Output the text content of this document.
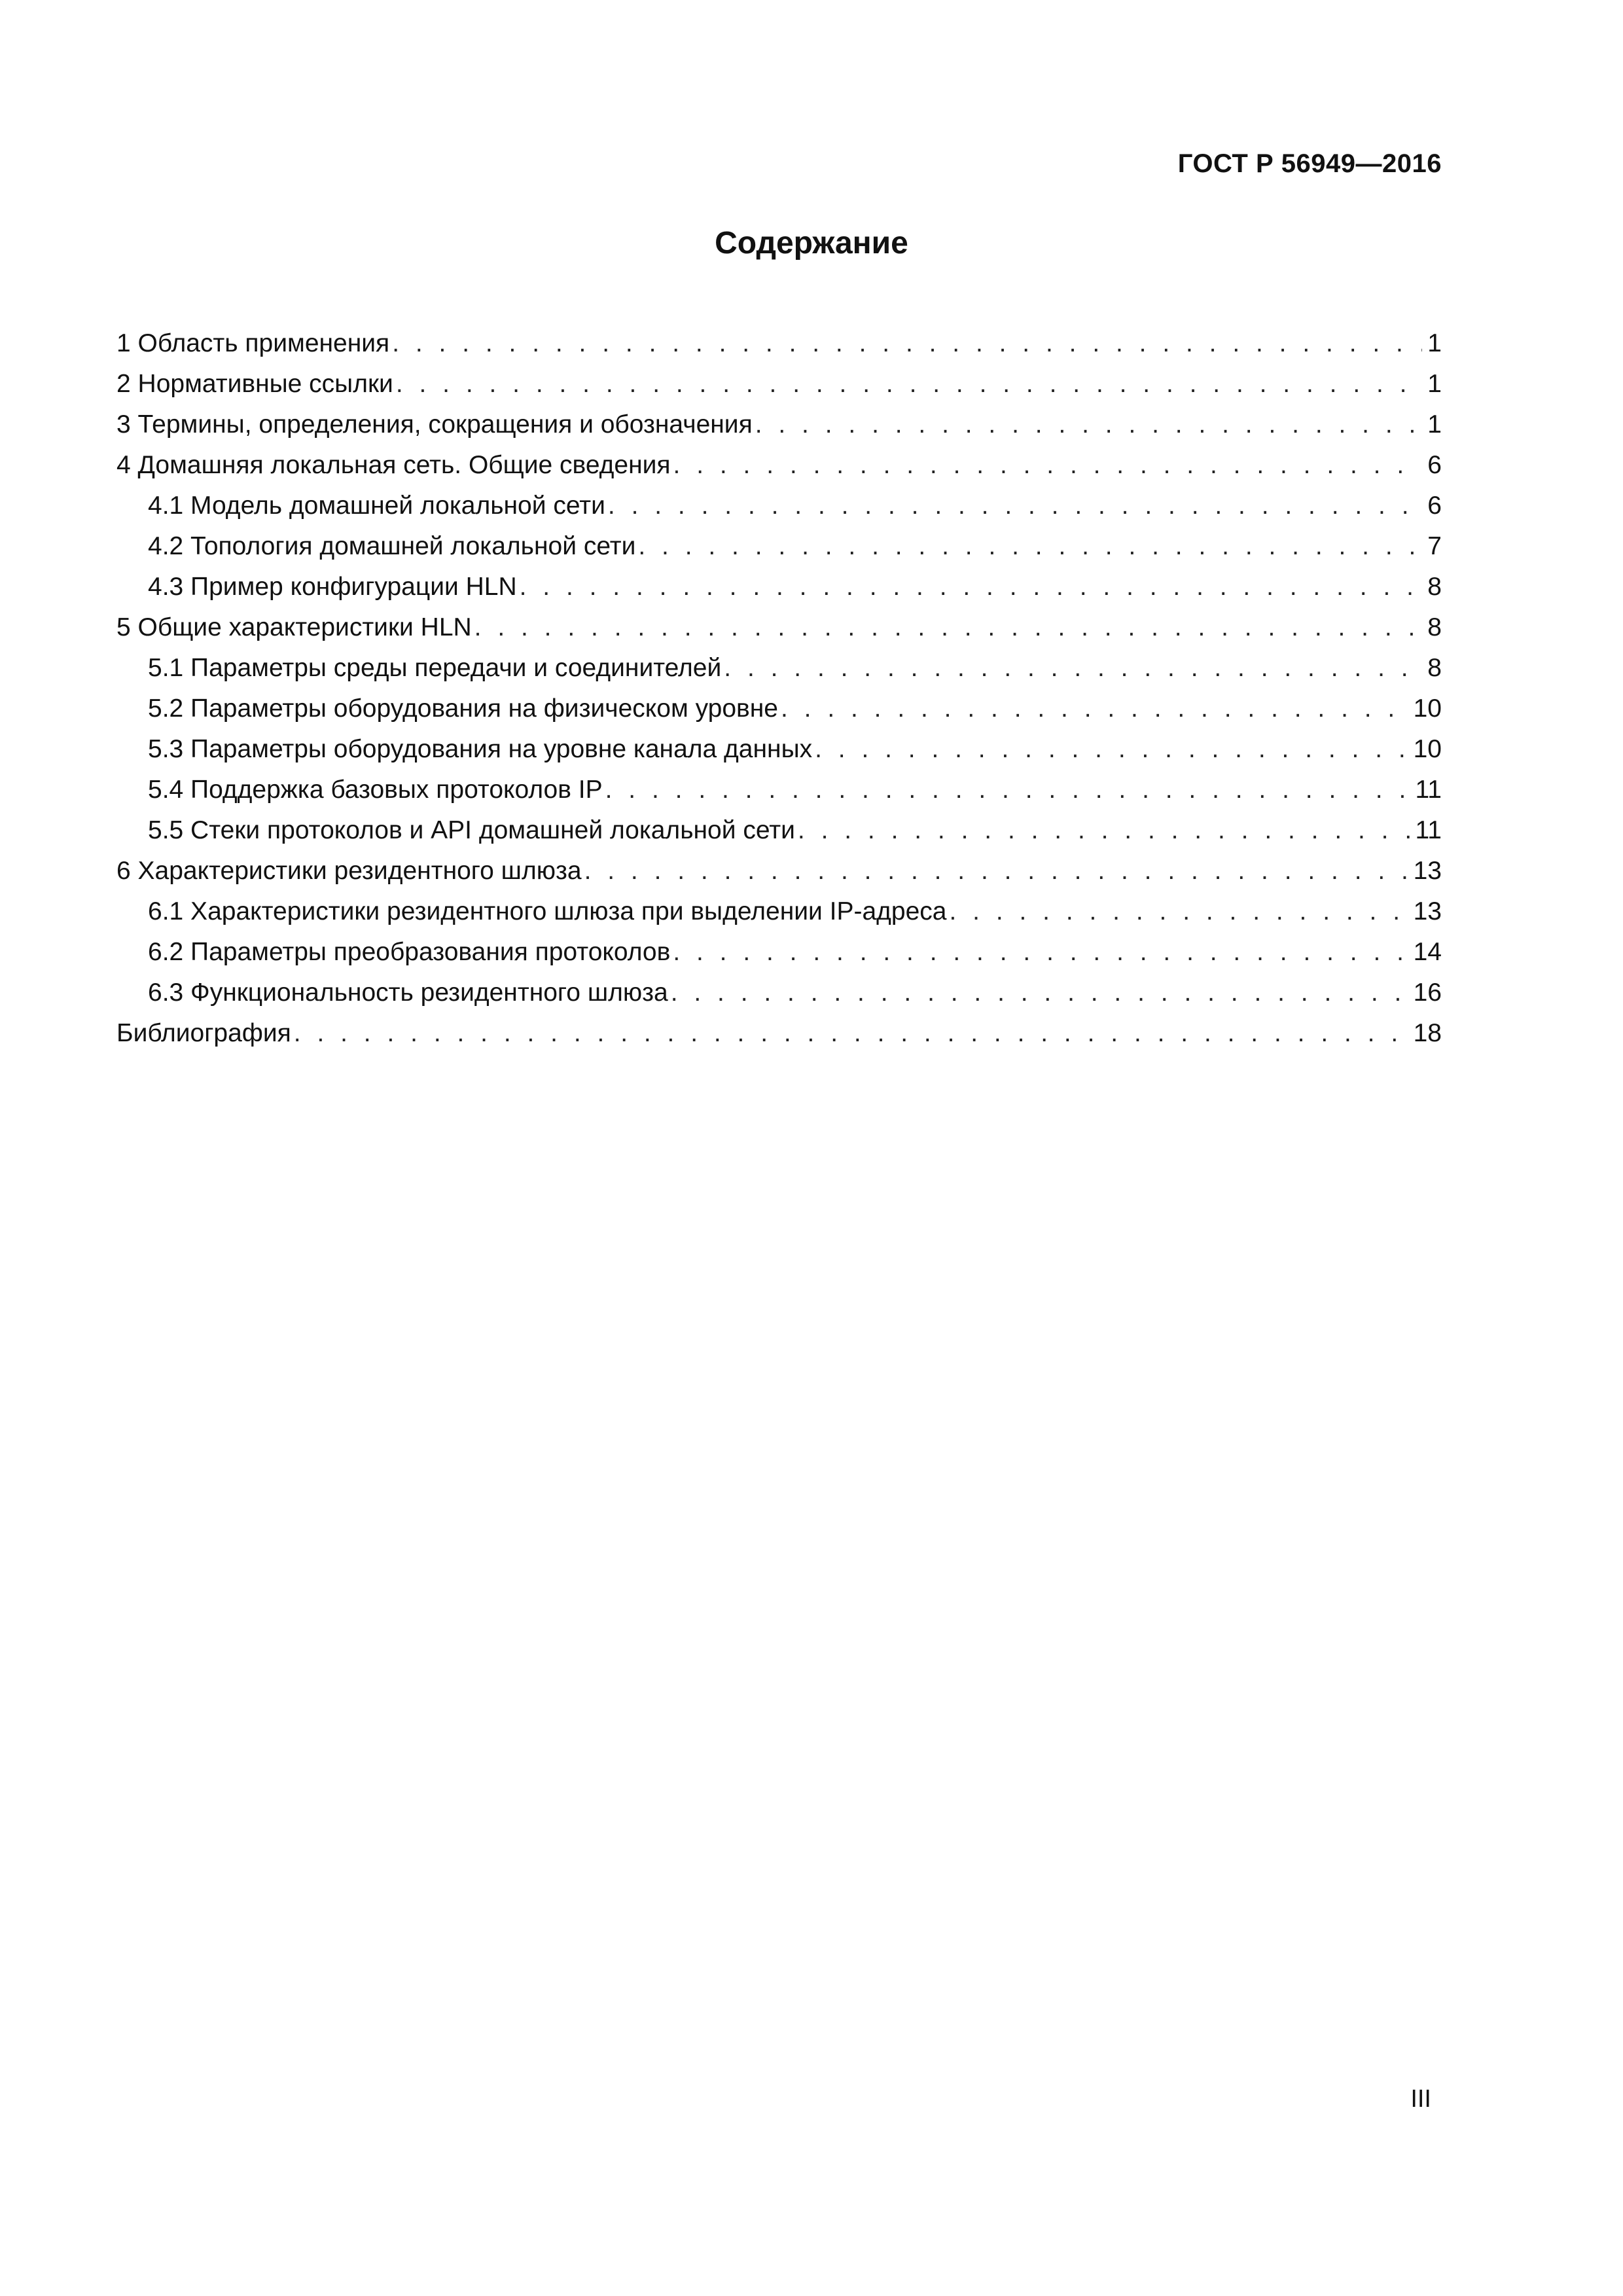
ГОСТ Р 56949—2016
Содержание
1 Область применения . . .	1
2 Нормативные ссылки . . .	1
3 Термины, определения, сокращения и обозначения . . .	1
4 Домашняя локальная сеть. Общие сведения . . .	6
4.1 Модель домашней локальной сети . . .	6
4.2 Топология домашней локальной сети . . .	7
4.3 Пример конфигурации HLN . . .	8
5 Общие характеристики HLN . . .	8
5.1 Параметры среды передачи и соединителей . . .	8
5.2 Параметры оборудования на физическом уровне . . .	10
5.3 Параметры оборудования на уровне канала данных . . .	10
5.4 Поддержка базовых протоколов IP . . .	11
5.5 Стеки протоколов и API домашней локальной сети . . .	11
6 Характеристики резидентного шлюза . . .	13
6.1 Характеристики резидентного шлюза при выделении IP-адреса . . .	13
6.2 Параметры преобразования протоколов . . .	14
6.3 Функциональность резидентного шлюза . . .	16
Библиография . . .	18
III
